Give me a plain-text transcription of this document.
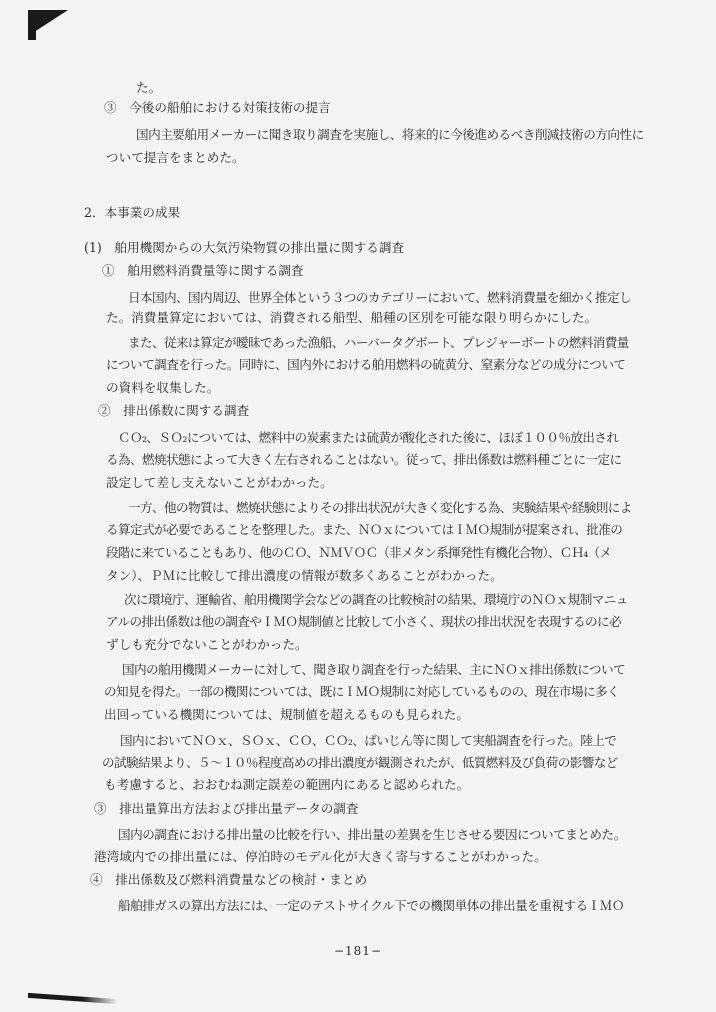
た。
③　今後の船舶における対策技術の提言
国内主要舶用メーカーに聞き取り調査を実施し、将来的に今後進めるべき削減技術の方向性に
ついて提言をまとめた。
2．本事業の成果
(1)　舶用機関からの大気汚染物質の排出量に関する調査
①　舶用燃料消費量等に関する調査
日本国内、国内周辺、世界全体という３つのカテゴリーにおいて、燃料消費量を細かく推定し
た。消費量算定においては、消費される船型、船種の区別を可能な限り明らかにした。
また、従来は算定が曖昧であった漁船、ハーバータグボート、プレジャーボートの燃料消費量
について調査を行った。同時に、国内外における舶用燃料の硫黄分、窒素分などの成分について
の資料を収集した。
②　排出係数に関する調査
ＣＯ₂、ＳＯ₂については、燃料中の炭素または硫黄が酸化された後に、ほぼ１００％放出され
る為、燃焼状態によって大きく左右されることはない。従って、排出係数は燃料種ごとに一定に
設定して差し支えないことがわかった。
一方、他の物質は、燃焼状態によりその排出状況が大きく変化する為、実験結果や経験則によ
る算定式が必要であることを整理した。また、ＮＯｘについてはＩＭＯ規制が提案され、批准の
段階に来ていることもあり、他のＣＯ、ＮＭＶＯＣ（非メタン系揮発性有機化合物）、ＣＨ₄（メ
タン）、ＰＭに比較して排出濃度の情報が数多くあることがわかった。
次に環境庁、運輸省、舶用機関学会などの調査の比較検討の結果、環境庁のＮＯｘ規制マニュ
アルの排出係数は他の調査やＩＭＯ規制値と比較して小さく、現状の排出状況を表現するのに必
ずしも充分でないことがわかった。
国内の舶用機関メーカーに対して、聞き取り調査を行った結果、主にＮＯｘ排出係数について
の知見を得た。一部の機関については、既にＩＭＯ規制に対応しているものの、現在市場に多く
出回っている機関については、規制値を超えるものも見られた。
国内においてＮＯｘ、ＳＯｘ、ＣＯ、ＣＯ₂、ばいじん等に関して実船調査を行った。陸上で
の試験結果より、５～１０％程度高めの排出濃度が観測されたが、低質燃料及び負荷の影響など
も考慮すると、おおむね測定誤差の範囲内にあると認められた。
③　排出量算出方法および排出量データの調査
国内の調査における排出量の比較を行い、排出量の差異を生じさせる要因についてまとめた。
港湾域内での排出量には、停泊時のモデル化が大きく寄与することがわかった。
④　排出係数及び燃料消費量などの検討・まとめ
船舶排ガスの算出方法には、一定のテストサイクル下での機関単体の排出量を重視するＩＭＯ
−181−
